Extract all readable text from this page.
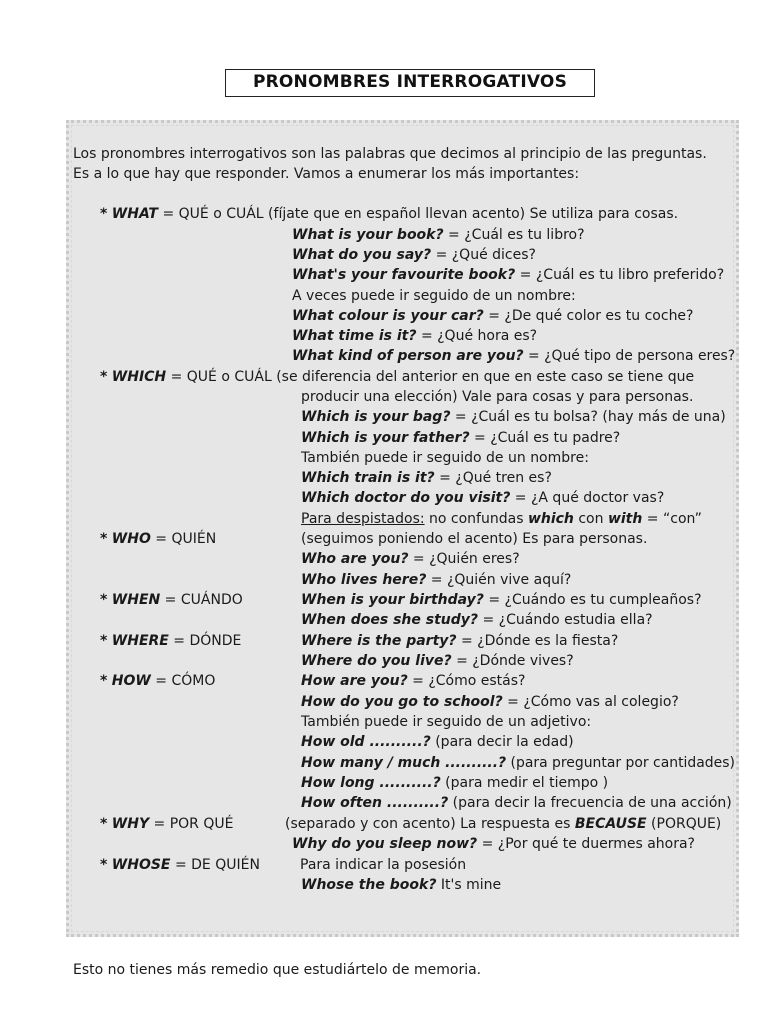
PRONOMBRES INTERROGATIVOS
Los pronombres interrogativos son las palabras que decimos al principio de las preguntas.
Es a lo que hay que responder. Vamos a enumerar los más importantes:
* WHAT = QUÉ o CUÁL (fíjate que en español llevan acento) Se utiliza para cosas.
What is your book? = ¿Cuál es tu libro?
What do you say? = ¿Qué dices?
What's your favourite book? = ¿Cuál es tu libro preferido?
A veces puede ir seguido de un nombre:
What colour is your car? = ¿De qué color es tu coche?
What time is it? = ¿Qué hora es?
What kind of person are you? = ¿Qué tipo de persona eres?
* WHICH = QUÉ o CUÁL (se diferencia del anterior en que en este caso se tiene que
producir una elección) Vale para cosas y para personas.
Which is your bag? = ¿Cuál es tu bolsa? (hay más de una)
Which is your father? = ¿Cuál es tu padre?
También puede ir seguido de un nombre:
Which train is it? = ¿Qué tren es?
Which doctor do you visit? = ¿A qué doctor vas?
Para despistados: no confundas which con with = “con”
* WHO = QUIÉN	(seguimos poniendo el acento) Es para personas.
Who are you? = ¿Quién eres?
Who lives here? = ¿Quién vive aquí?
* WHEN = CUÁNDO	When is your birthday? = ¿Cuándo es tu cumpleaños?
When does she study? = ¿Cuándo estudia ella?
* WHERE = DÓNDE	Where is the party? = ¿Dónde es la fiesta?
Where do you live? = ¿Dónde vives?
* HOW = CÓMO	How are you? = ¿Cómo estás?
How do you go to school? = ¿Cómo vas al colegio?
También puede ir seguido de un adjetivo:
How old ..........? (para decir la edad)
How many / much ..........? (para preguntar por cantidades)
How long ..........? (para medir el tiempo )
How often ..........? (para decir la frecuencia de una acción)
* WHY = POR QUÉ	(separado y con acento) La respuesta es BECAUSE (PORQUE)
Why do you sleep now? = ¿Por qué te duermes ahora?
* WHOSE = DE QUIÉN	Para indicar la posesión
Whose the book? It's mine
Esto no tienes más remedio que estudiártelo de memoria.
